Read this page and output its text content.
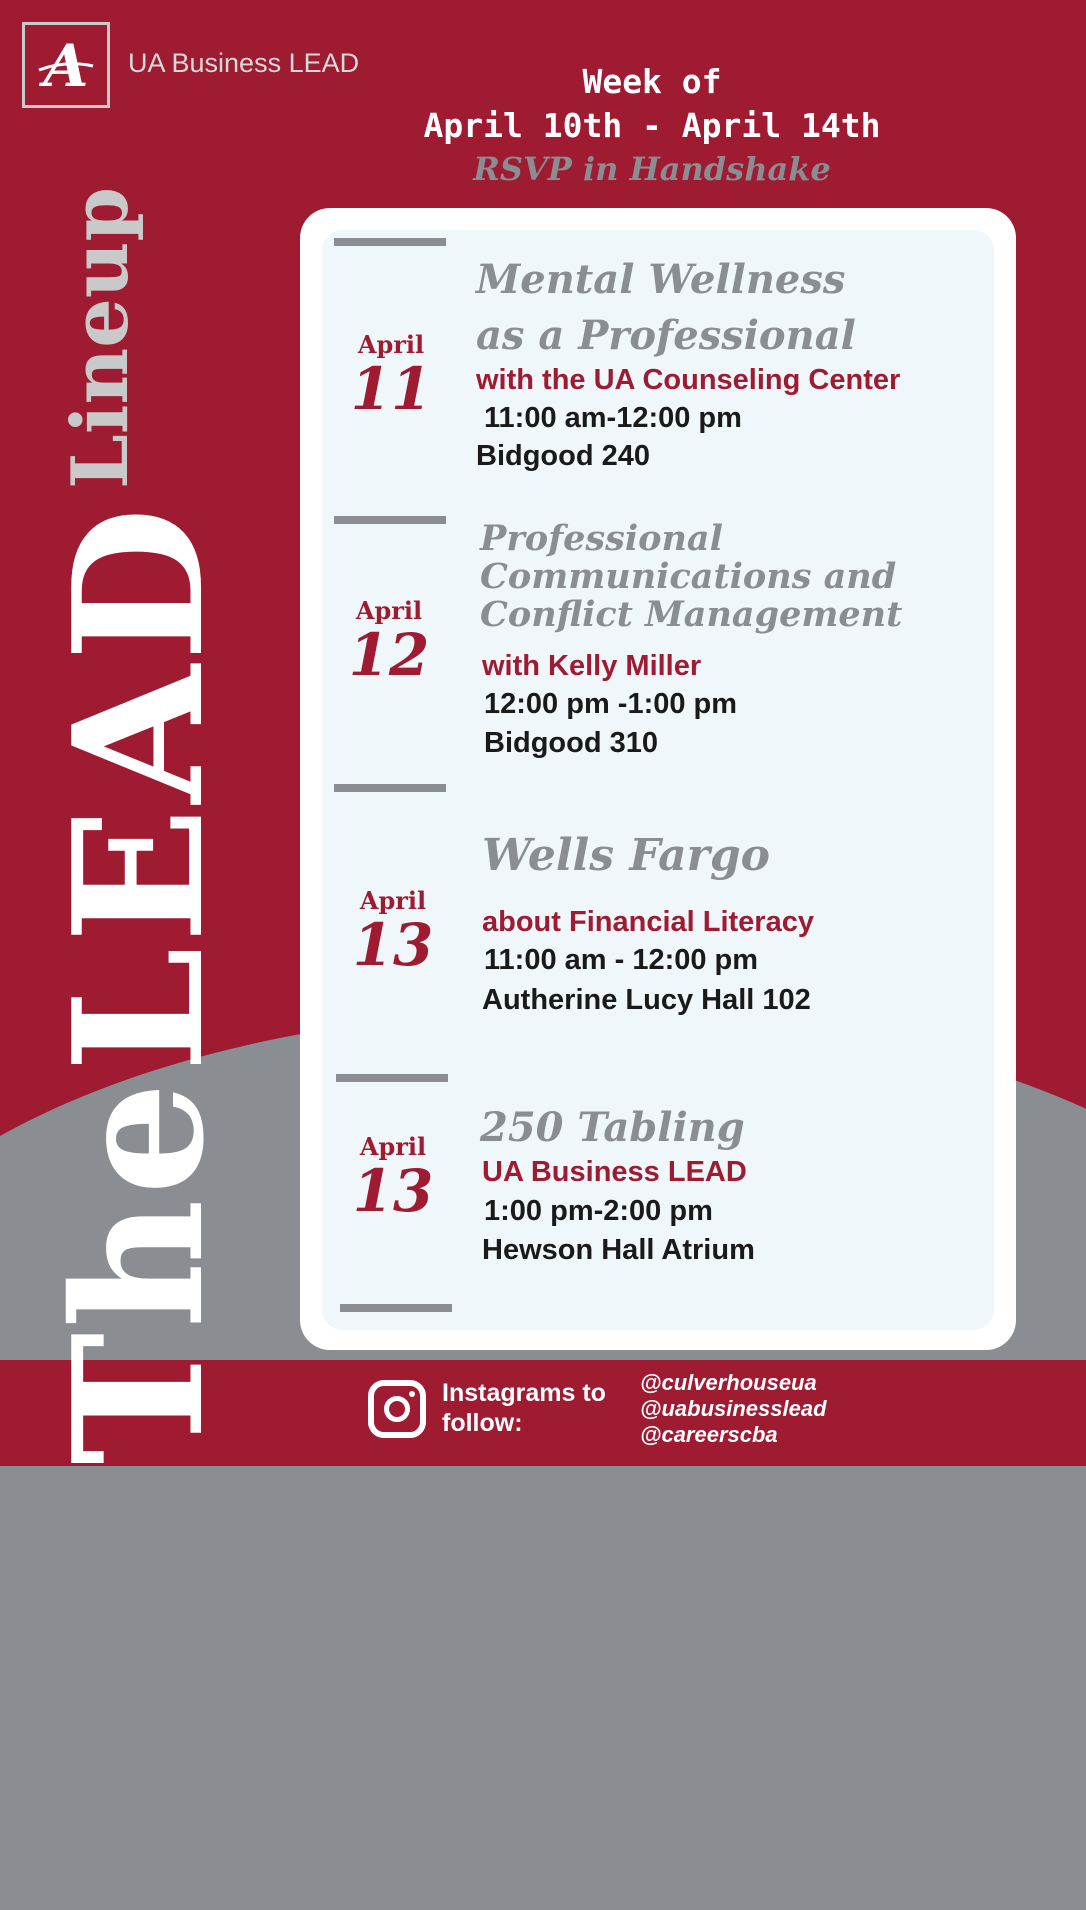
A UA Business LEAD	Week of
April 10th - April 14th
RSVP in Handshake
The LEADLineup	April
11
Mental Wellness
as a Professional
with the UA Counseling Center
11:00 am-12:00 pm
Bidgood 240
April
12
Professional
Communications and
Conflict Management
with Kelly Miller
12:00 pm -1:00 pm
Bidgood 310
April
13
Wells Fargo
about Financial Literacy
11:00 am - 12:00 pm
Autherine Lucy Hall 102
April
13
250 Tabling
UA Business LEAD
1:00 pm-2:00 pm
Hewson Hall Atrium
Instagrams to
follow:
@culverhouseua
@uabusinesslead
@careerscba
